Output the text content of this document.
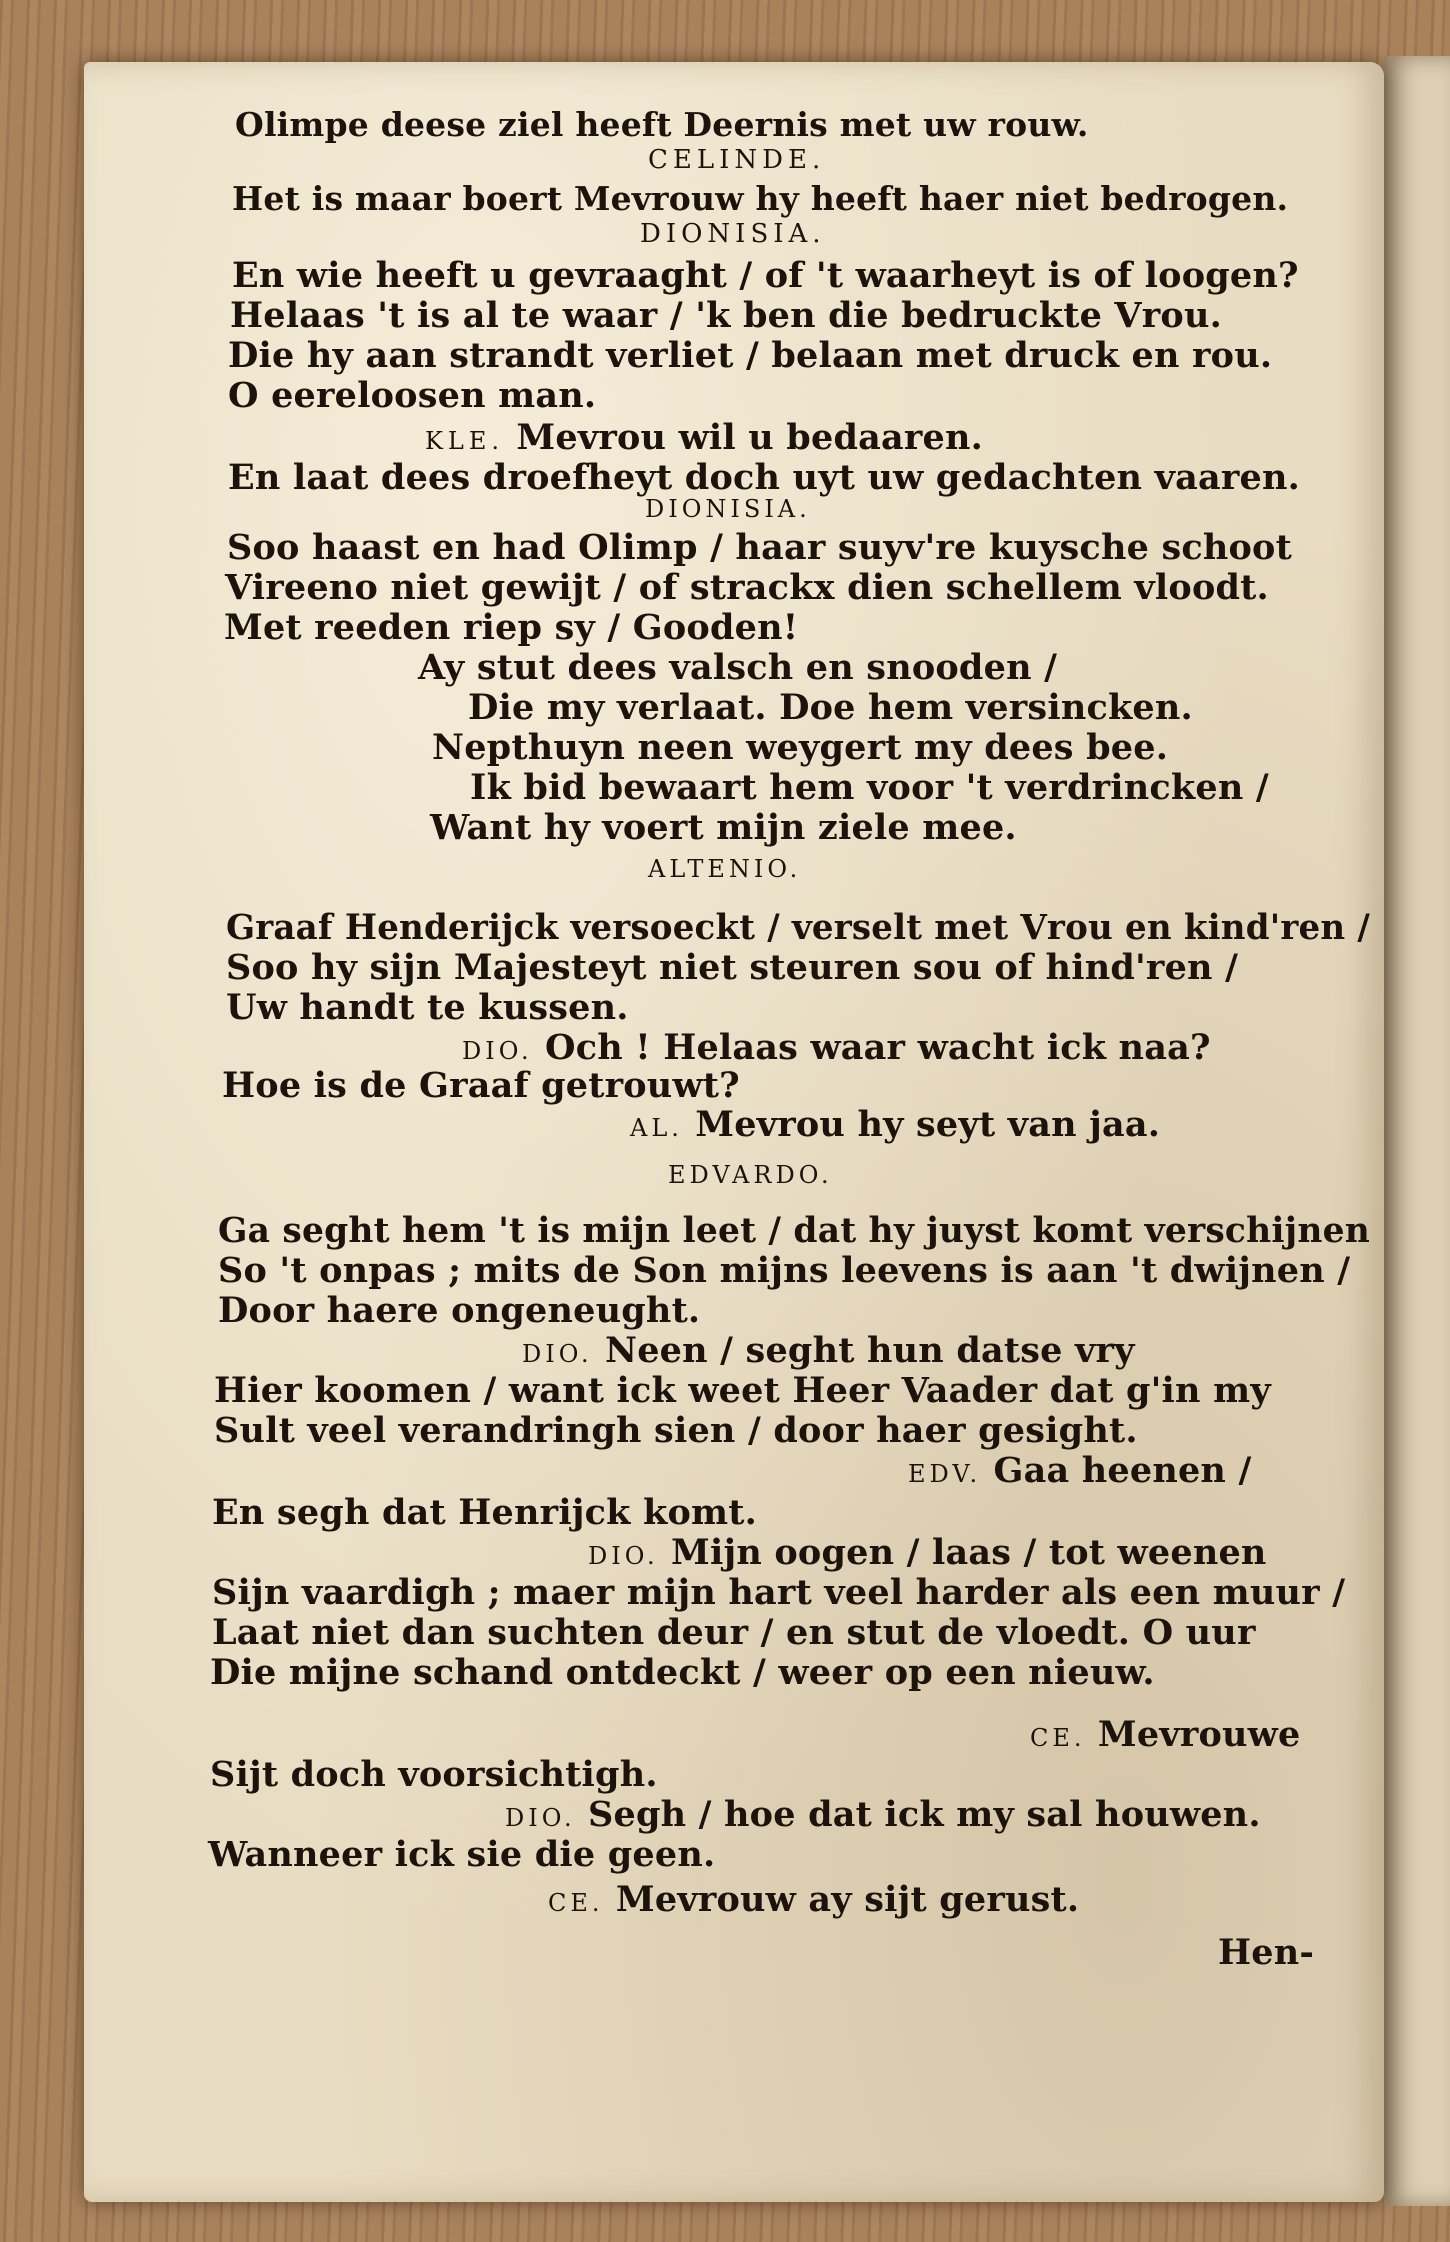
Olimpe deese ziel heeft Deernis met uw rouw.
CELINDE.
Het is maar boert Mevrouw hy heeft haer niet bedrogen.
DIONISIA.
En wie heeft u gevraaght / of 't waarheyt is of loogen?
Helaas 't is al te waar / 'k ben die bedruckte Vrou.
Die hy aan strandt verliet / belaan met druck en rou.
O eereloosen man.
KLE. Mevrou wil u bedaaren.
En laat dees droefheyt doch uyt uw gedachten vaaren.
DIONISIA.
Soo haast en had Olimp / haar suyv're kuysche schoot
Vireeno niet gewijt / of strackx dien schellem vloodt.
Met reeden riep sy / Gooden!
Ay stut dees valsch en snooden /
Die my verlaat. Doe hem versincken.
Nepthuyn neen weygert my dees bee.
Ik bid bewaart hem voor 't verdrincken /
Want hy voert mijn ziele mee.
ALTENIO.
Graaf Henderijck versoeckt / verselt met Vrou en kind'ren /
Soo hy sijn Majesteyt niet steuren sou of hind'ren /
Uw handt te kussen.
DIO. Och ! Helaas waar wacht ick naa?
Hoe is de Graaf getrouwt?
AL. Mevrou hy seyt van jaa.
EDVARDO.
Ga seght hem 't is mijn leet / dat hy juyst komt verschijnen
So 't onpas ; mits de Son mijns leevens is aan 't dwijnen /
Door haere ongeneught.
DIO. Neen / seght hun datse vry
Hier koomen / want ick weet Heer Vaader dat g'in my
Sult veel verandringh sien / door haer gesight.
EDV. Gaa heenen /
En segh dat Henrijck komt.
DIO. Mijn oogen / laas / tot weenen
Sijn vaardigh ; maer mijn hart veel harder als een muur /
Laat niet dan suchten deur / en stut de vloedt. O uur
Die mijne schand ontdeckt / weer op een nieuw.
CE. Mevrouwe
Sijt doch voorsichtigh.
DIO. Segh / hoe dat ick my sal houwen.
Wanneer ick sie die geen.
CE. Mevrouw ay sijt gerust.
Hen-
